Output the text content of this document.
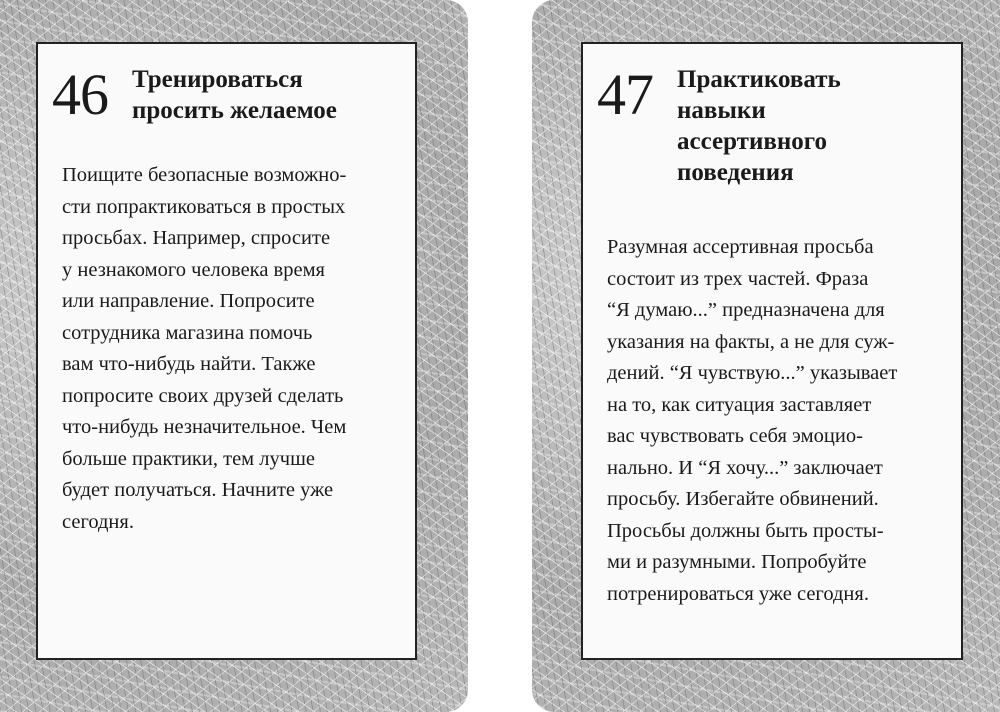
46 Тренироваться
просить желаемое
Поищите безопасные возможно-
сти попрактиковаться в простых
просьбах. Например, спросите
у незнакомого человека время
или направление. Попросите
сотрудника магазина помочь
вам что-нибудь найти. Также
попросите своих друзей сделать
что-нибудь незначительное. Чем
больше практики, тем лучше
будет получаться. Начните уже
сегодня.
47 Практиковать
навыки
ассертивного
поведения
Разумная ассертивная просьба
состоит из трех частей. Фраза
“Я думаю...” предназначена для
указания на факты, а не для суж-
дений. “Я чувствую...” указывает
на то, как ситуация заставляет
вас чувствовать себя эмоцио-
нально. И “Я хочу...” заключает
просьбу. Избегайте обвинений.
Просьбы должны быть просты-
ми и разумными. Попробуйте
потренироваться уже сегодня.
